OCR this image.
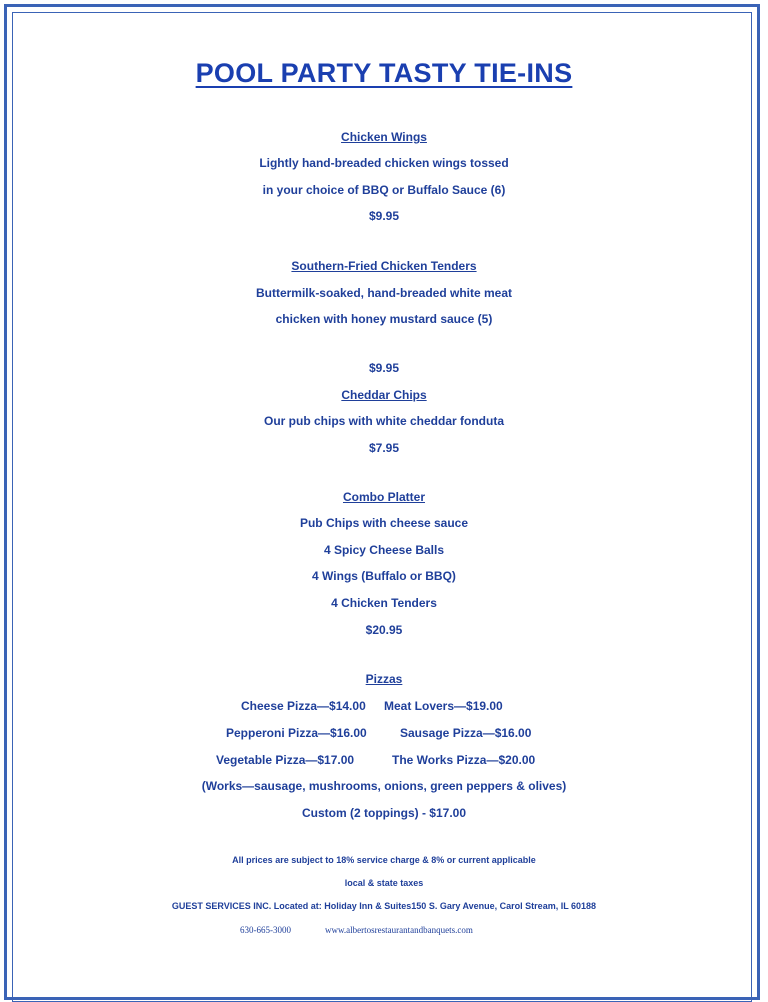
POOL PARTY TASTY TIE-INS
Chicken Wings
Lightly hand-breaded chicken wings tossed
in your choice of BBQ or Buffalo Sauce (6)
$9.95
Southern-Fried Chicken Tenders
Buttermilk-soaked, hand-breaded white meat
chicken with honey mustard sauce (5)
$9.95
Cheddar Chips
Our pub chips with white cheddar fonduta
$7.95
Combo Platter
Pub Chips with cheese sauce
4 Spicy Cheese Balls
4 Wings (Buffalo or BBQ)
4 Chicken Tenders
$20.95
Pizzas
Cheese Pizza—$14.00 Meat Lovers—$19.00
Pepperoni Pizza—$16.00	Sausage Pizza—$16.00
Vegetable Pizza—$17.00	The Works Pizza—$20.00
(Works—sausage, mushrooms, onions, green peppers & olives)
Custom (2 toppings) - $17.00
All prices are subject to 18% service charge & 8% or current applicable
local & state taxes
GUEST SERVICES INC. Located at: Holiday Inn & Suites150 S. Gary Avenue, Carol Stream, IL 60188
630-665-3000	www.albertosrestaurantandbanquets.com
